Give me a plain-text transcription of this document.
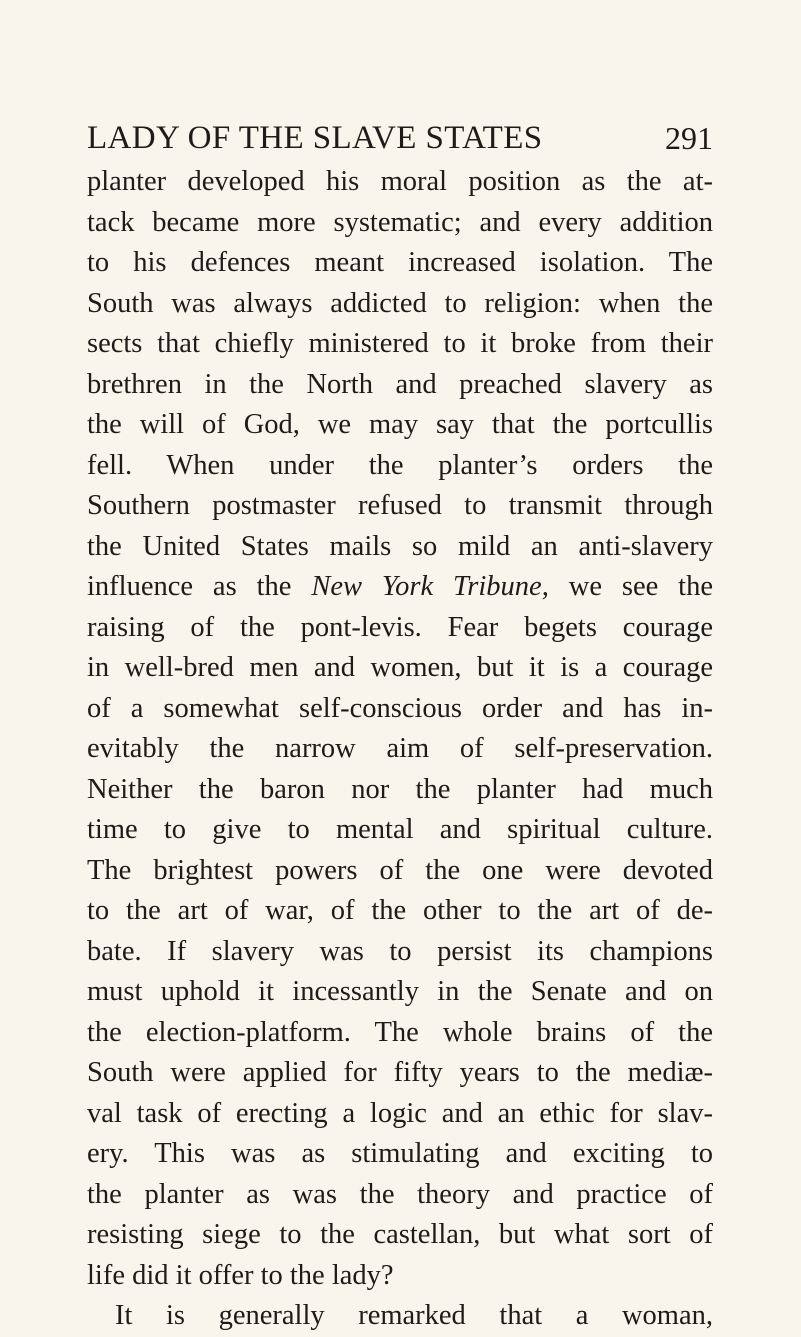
LADY OF THE SLAVE STATES	291
planter developed his moral position as the at-
tack became more systematic; and every addition
to his defences meant increased isolation. The
South was always addicted to religion: when the
sects that chiefly ministered to it broke from their
brethren in the North and preached slavery as
the will of God, we may say that the portcullis
fell. When under the planter’s orders the
Southern postmaster refused to transmit through
the United States mails so mild an anti-slavery
influence as the New York Tribune, we see the
raising of the pont-levis. Fear begets courage
in well-bred men and women, but it is a courage
of a somewhat self-conscious order and has in-
evitably the narrow aim of self-preservation.
Neither the baron nor the planter had much
time to give to mental and spiritual culture.
The brightest powers of the one were devoted
to the art of war, of the other to the art of de-
bate. If slavery was to persist its champions
must uphold it incessantly in the Senate and on
the election-platform. The whole brains of the
South were applied for fifty years to the mediæ-
val task of erecting a logic and an ethic for slav-
ery. This was as stimulating and exciting to
the planter as was the theory and practice of
resisting siege to the castellan, but what sort of
life did it offer to the lady?
It is generally remarked that a woman,
